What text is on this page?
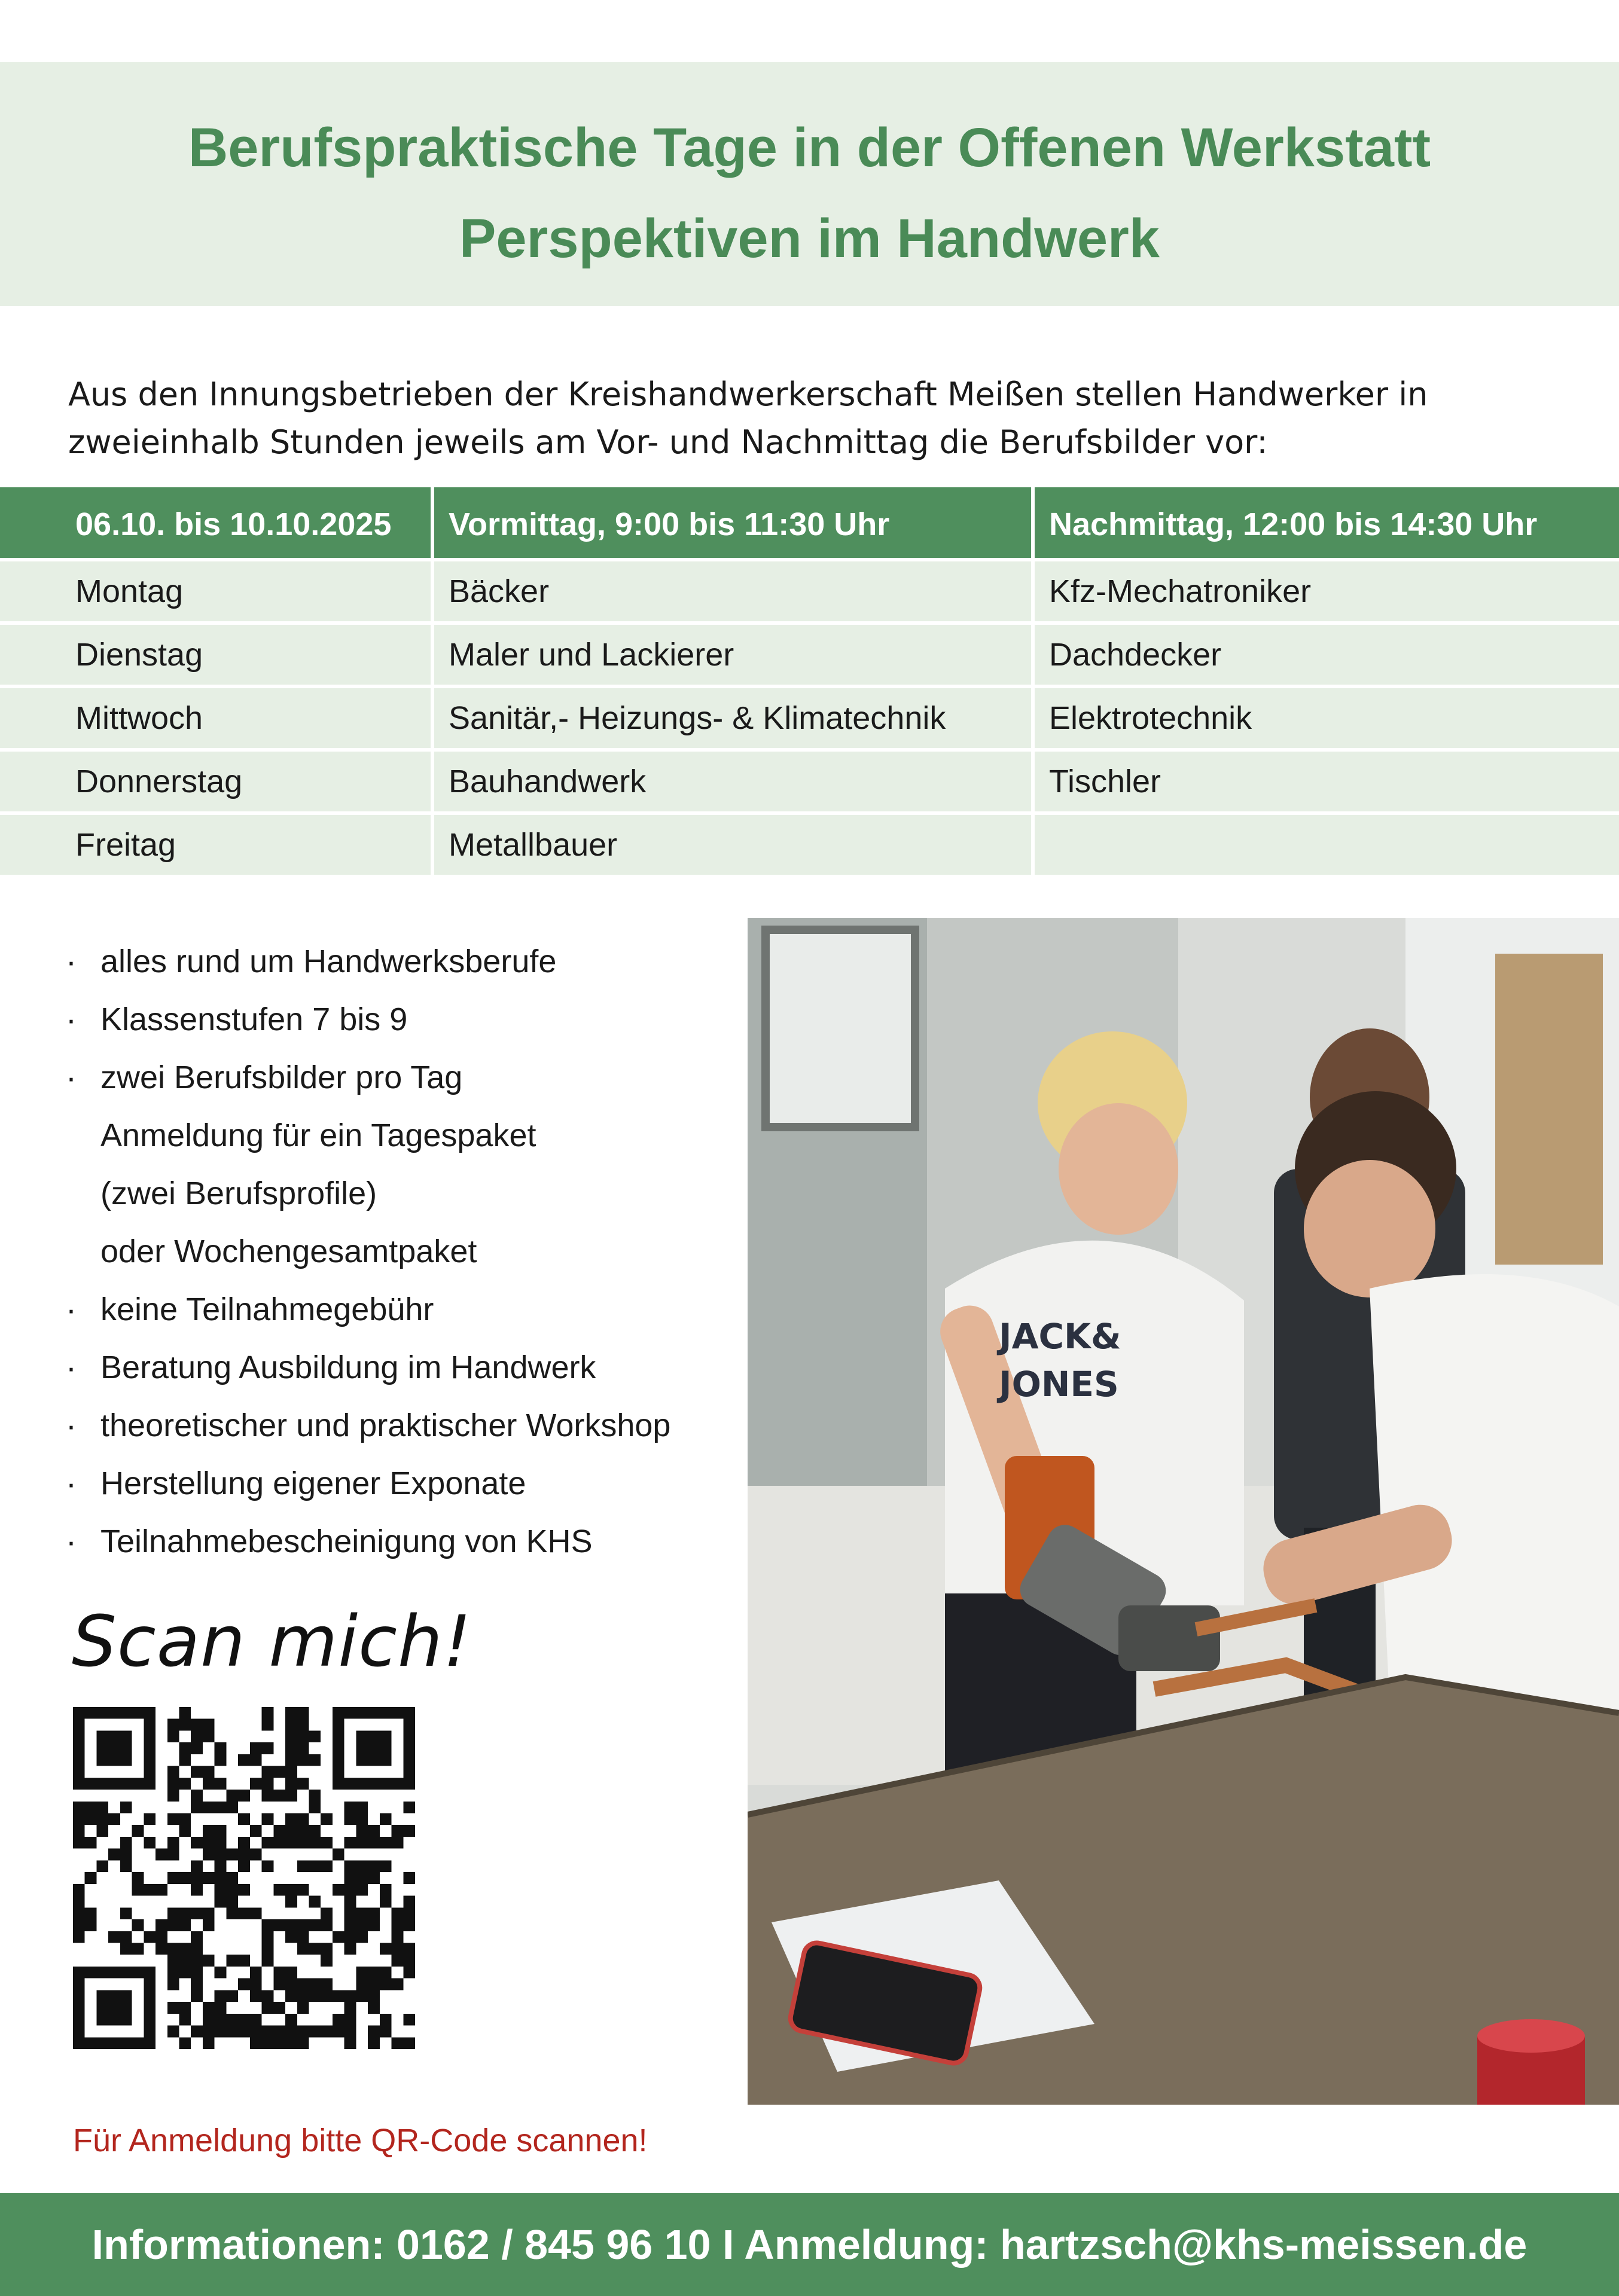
Berufspraktische Tage in der Offenen Werkstatt
Perspektiven im Handwerk
Aus den Innungsbetrieben der Kreishandwerkerschaft Meißen stellen Handwerker in
zweieinhalb Stunden jeweils am Vor- und Nachmittag die Berufsbilder vor:
06.10. bis 10.10.2025	Vormittag, 9:00 bis 11:30 Uhr	Nachmittag, 12:00 bis 14:30 Uhr
Montag	Bäcker	Kfz-Mechatroniker
Dienstag	Maler und Lackierer	Dachdecker
Mittwoch	Sanitär,- Heizungs- & Klimatechnik	Elektrotechnik
Donnerstag	Bauhandwerk	Tischler
Freitag	Metallbauer
· alles rund um Handwerksberufe
· Klassenstufen 7 bis 9
· zwei Berufsbilder pro Tag
Anmeldung für ein Tagespaket
(zwei Berufsprofile)
oder Wochengesamtpaket
· keine Teilnahmegebühr
· Beratung Ausbildung im Handwerk
· theoretischer und praktischer Workshop
· Herstellung eigener Exponate
· Teilnahmebescheinigung von KHS
Scan mich!
Für Anmeldung bitte QR-Code scannen!
JACK&
JONES
Informationen: 0162 / 845 96 10 I Anmeldung: hartzsch@khs-meissen.de
